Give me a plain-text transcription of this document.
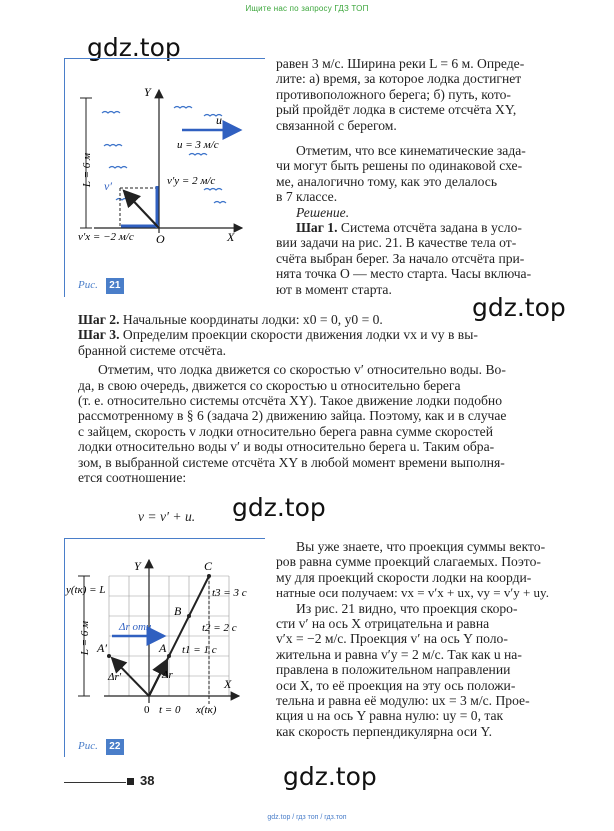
Ищите нас по запросу ГДЗ ТОП
gdz.top
gdz.top
gdz.top
gdz.top
L = 6 м
Y
X
O
u
u = 3 м/с
v′	v′y = 2 м/с
v′x = −2 м/с
Рис. 21

равен 3 м/с. Ширина реки L = 6 м. Опреде-

лите: а) время, за которое лодка достигнет

противоположного берега; б) путь, кото-

рый пройдёт лодка в системе отсчёта XY,

связанной с берегом.

Отметим, что все кинематические зада-

чи могут быть решены по одинаковой схе-

ме, аналогично тому, как это делалось

в 7 классе.

Решение.

Шаг 1. Система отсчёта задана в усло-

вии задачи на рис. 21. В качестве тела от-

счёта выбран берег. За начало отсчёта при-

нята точка O — место старта. Часы включа-

ют в момент старта.

Шаг 2. Начальные координаты лодки: x0 = 0, y0 = 0.

Шаг 3. Определим проекции скорости движения лодки vx и vy в вы-

бранной системе отсчёта.

Отметим, что лодка движется со скоростью v′ относительно воды. Во-

да, в свою очередь, движется со скоростью u относительно берега

(т. е. относительно системы отсчёта XY). Такое движение лодки подобно

рассмотренному в § 6 (задача 2) движению зайца. Поэтому, как и в случае

с зайцем, скорость v лодки относительно берега равна сумме скоростей

лодки относительно воды v′ и воды относительно берега u. Таким обра-

зом, в выбранной системе отсчёта XY в любой момент времени выполня-

ется соотношение:

v = v′ + u.
L = 6 м
Y
X
y(tк) = L
C
B
A
A′
t3 = 3 с
t2 = 2 с
t1 = 1 с
Δr отн
Δr′	Δr
0 t = 0 x(tк)
Рис. 22

Вы уже знаете, что проекция суммы векто-

ров равна сумме проекций слагаемых. Поэто-

му для проекций скорости лодки на коорди-

натные оси получаем: vx = v′x + ux, vy = v′y + uy.

Из рис. 21 видно, что проекция скоро-

сти v′ на ось X отрицательна и равна

v′x = −2 м/с. Проекция v′ на ось Y поло-

жительна и равна v′y = 2 м/с. Так как u на-

правлена в положительном направлении

оси X, то её проекция на эту ось положи-

тельна и равна её модулю: ux = 3 м/с. Прое-

кция u на ось Y равна нулю: uy = 0, так

как скорость перпендикулярна оси Y.

38
gdz.top / гдз топ / гдз.топ
